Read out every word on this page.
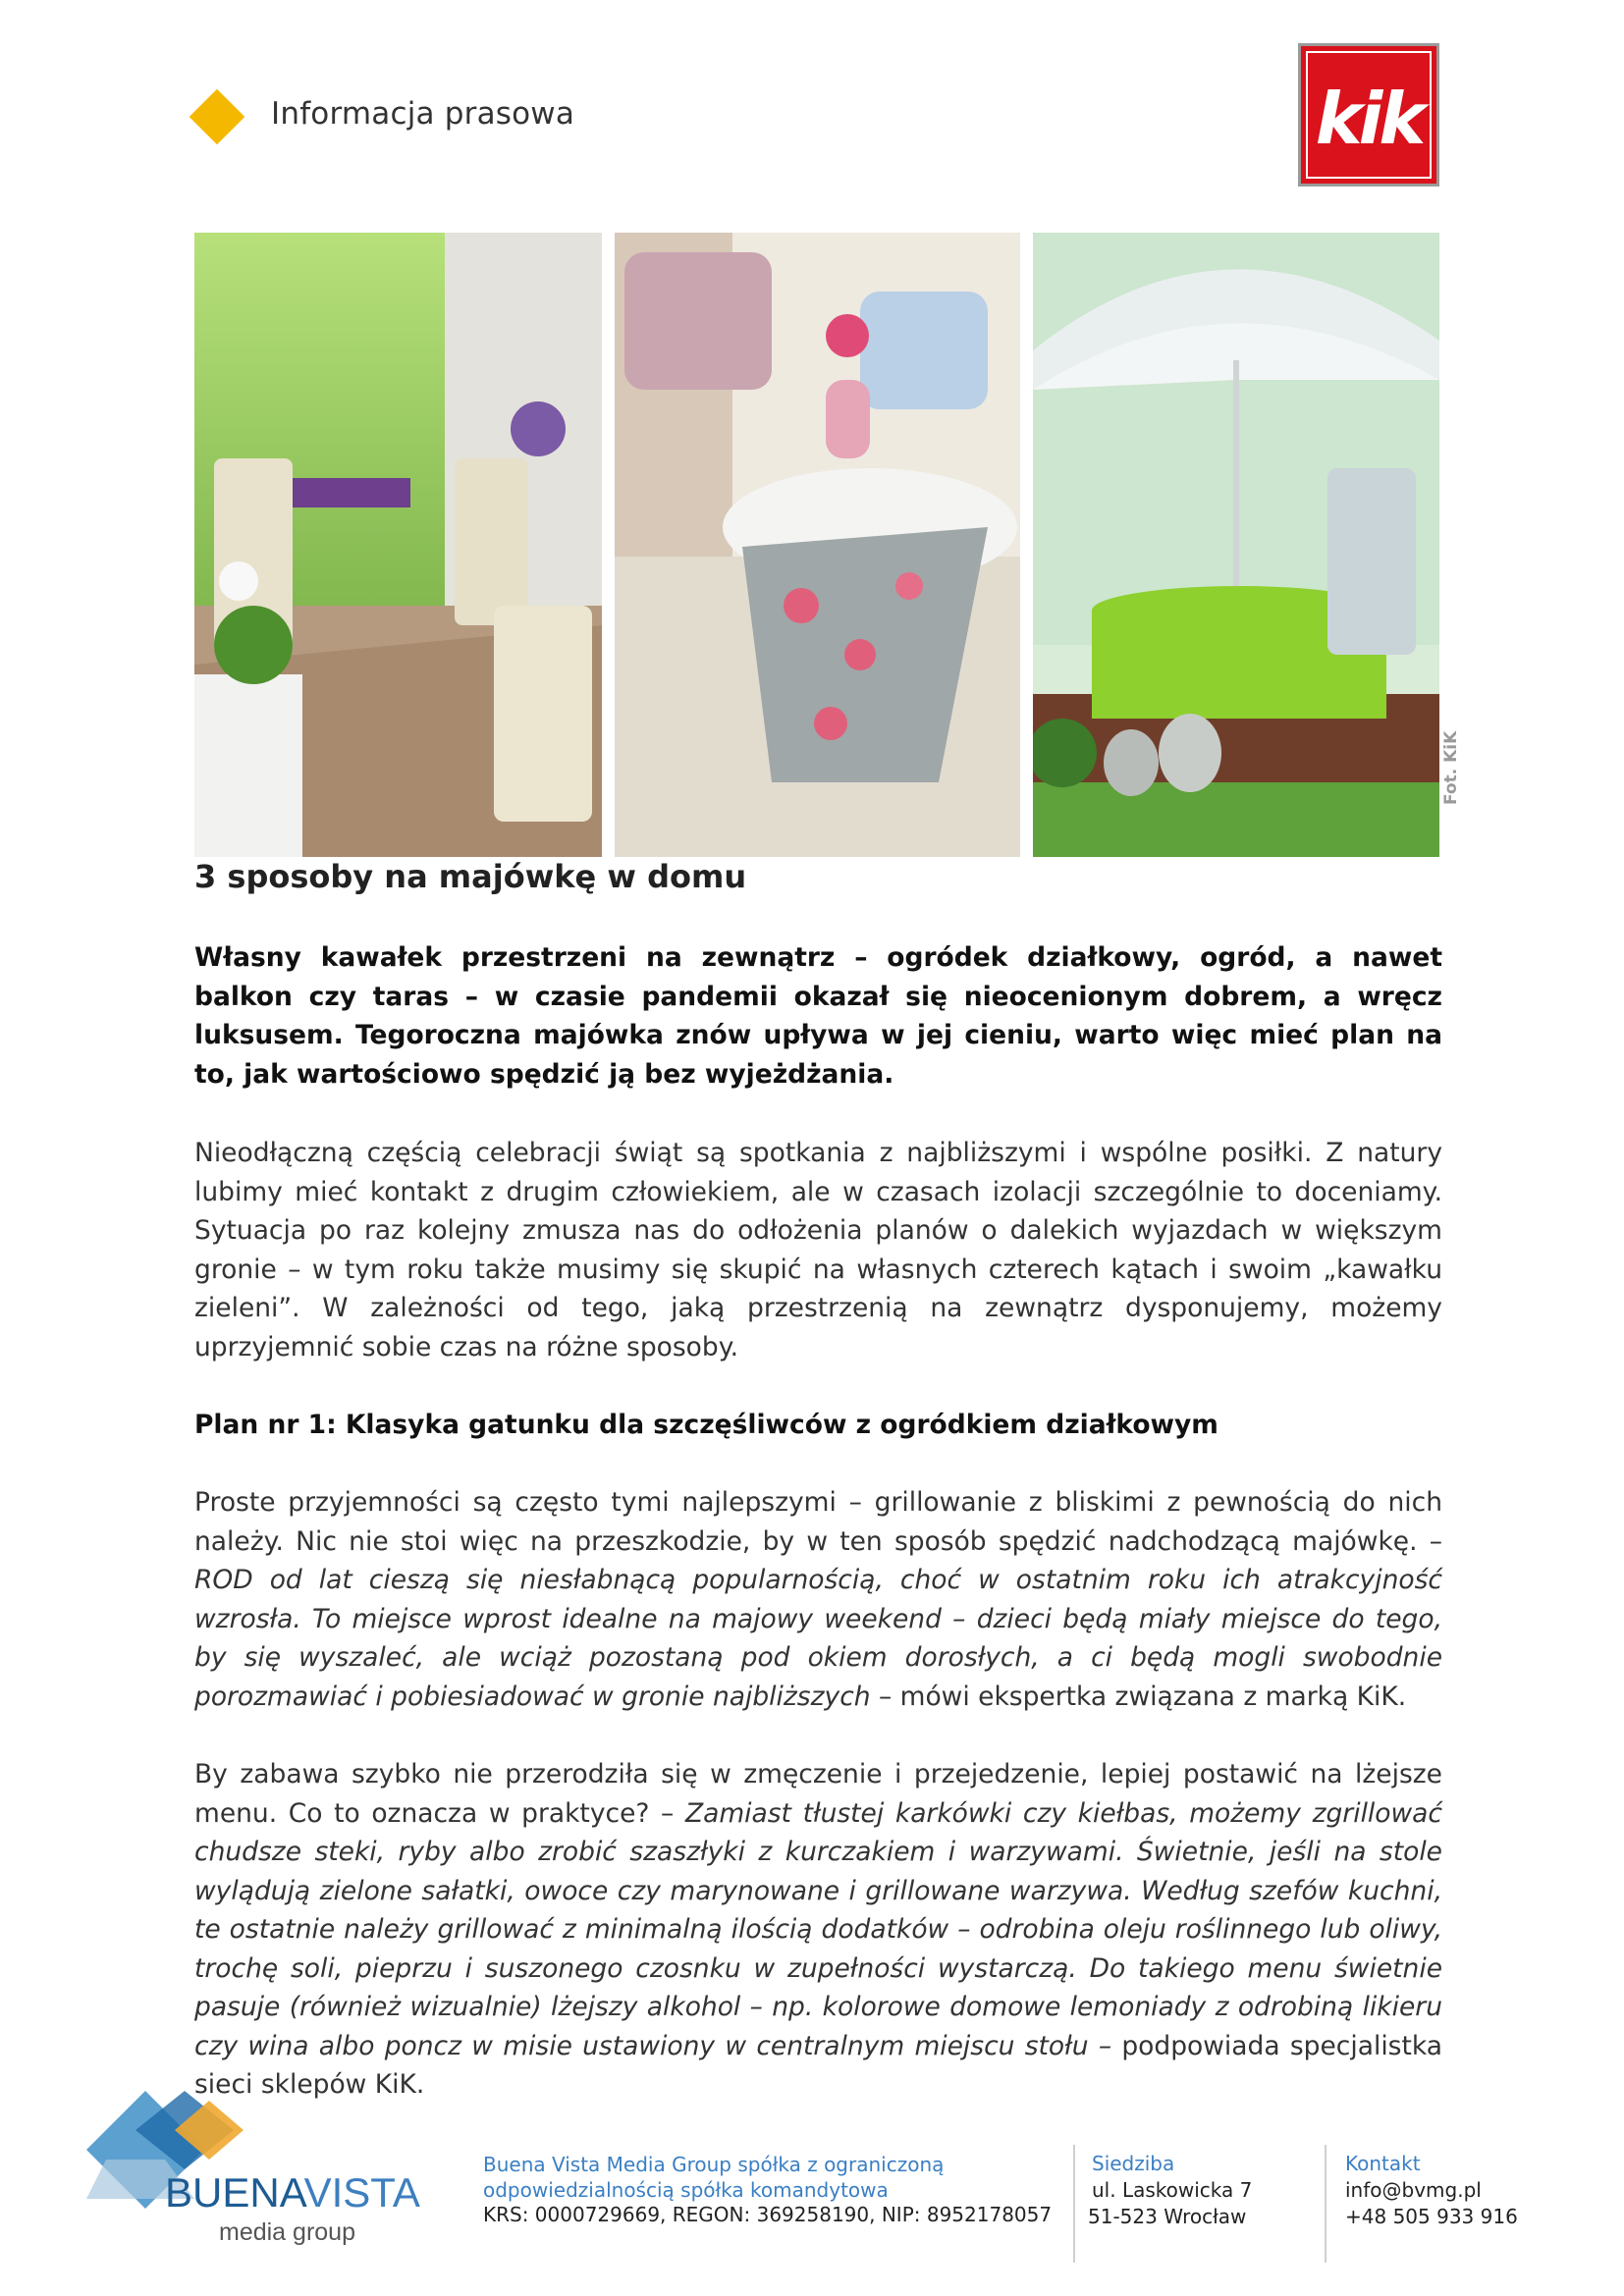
Informacja prasowa	kik
Fot. KiK
3 sposoby na majówkę w domu

Własny kawałek przestrzeni na zewnątrz – ogródek działkowy, ogród, a nawet balkon czy taras – w czasie pandemii okazał się nieocenionym dobrem, a wręcz luksusem. Tegoroczna majówka znów upływa w jej cieniu, warto więc mieć plan na to, jak wartościowo spędzić ją bez wyjeżdżania.

Nieodłączną częścią celebracji świąt są spotkania z najbliższymi i wspólne posiłki. Z natury lubimy mieć kontakt z drugim człowiekiem, ale w czasach izolacji szczególnie to doceniamy. Sytuacja po raz kolejny zmusza nas do odłożenia planów o dalekich wyjazdach w większym gronie – w tym roku także musimy się skupić na własnych czterech kątach i swoim „kawałku zieleni”. W zależności od tego, jaką przestrzenią na zewnątrz dysponujemy, możemy uprzyjemnić sobie czas na różne sposoby.

Plan nr 1: Klasyka gatunku dla szczęśliwców z ogródkiem działkowym

Proste przyjemności są często tymi najlepszymi – grillowanie z bliskimi z pewnością do nich należy. Nic nie stoi więc na przeszkodzie, by w ten sposób spędzić nadchodzącą majówkę. – ROD od lat cieszą się niesłabnącą popularnością, choć w ostatnim roku ich atrakcyjność wzrosła. To miejsce wprost idealne na majowy weekend – dzieci będą miały miejsce do tego, by się wyszaleć, ale wciąż pozostaną pod okiem dorosłych, a ci będą mogli swobodnie porozmawiać i pobiesiadować w gronie najbliższych – mówi ekspertka związana z marką KiK.

By zabawa szybko nie przerodziła się w zmęczenie i przejedzenie, lepiej postawić na lżejsze menu. Co to oznacza w praktyce? – Zamiast tłustej karkówki czy kiełbas, możemy zgrillować chudsze steki, ryby albo zrobić szaszłyki z kurczakiem i warzywami. Świetnie, jeśli na stole wylądują zielone sałatki, owoce czy marynowane i grillowane warzywa. Według szefów kuchni, te ostatnie należy grillować z minimalną ilością dodatków – odrobina oleju roślinnego lub oliwy, trochę soli, pieprzu i suszonego czosnku w zupełności wystarczą. Do takiego menu świetnie pasuje (również wizualnie) lżejszy alkohol – np. kolorowe domowe lemoniady z odrobiną likieru czy wina albo poncz w misie ustawiony w centralnym miejscu stołu – podpowiada specjalistka sieci sklepów KiK.

BUENAVISTA
media group
Buena Vista Media Group spółka z ograniczoną odpowiedzialnością spółka komandytowa
KRS: 0000729669, REGON: 369258190, NIP: 8952178057
Siedziba
ul. Laskowicka 7
51-523 Wrocław
Kontakt
info@bvmg.pl
+48 505 933 916
